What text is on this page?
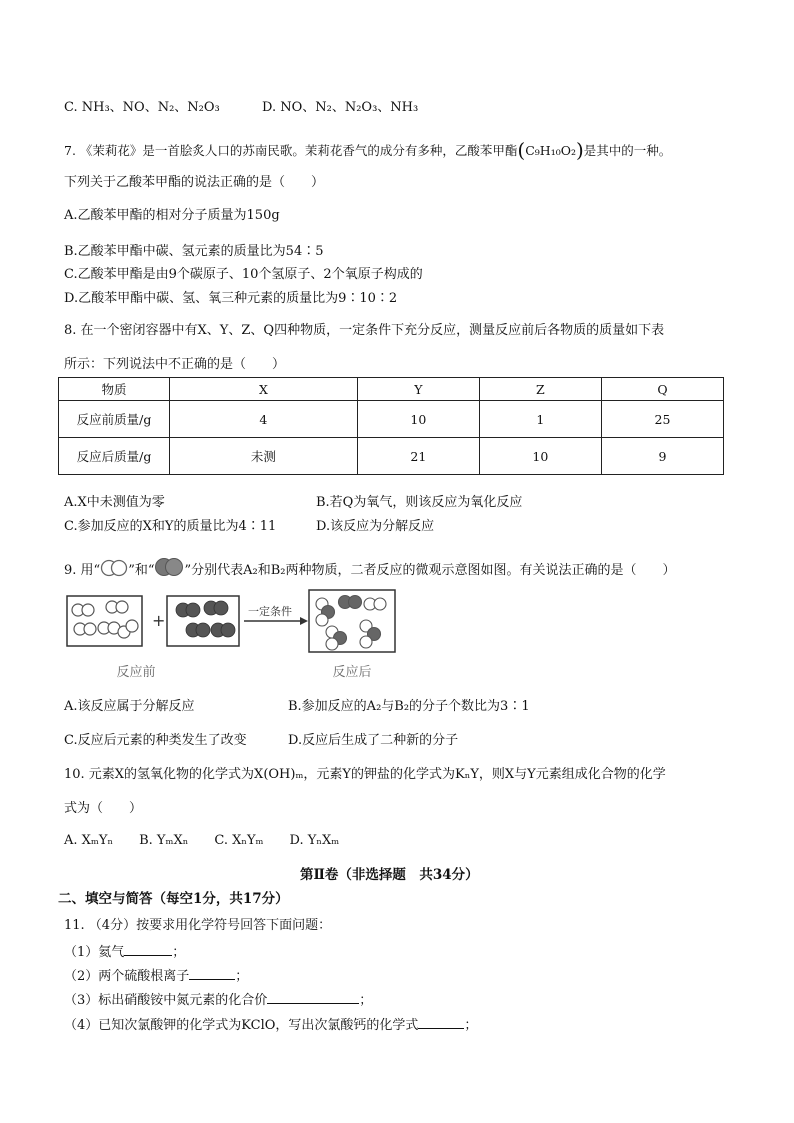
C. NH₃、NO、N₂、N₂O₃	D. NO、N₂、N₂O₃、NH₃
7. 《茉莉花》是一首脍炙人口的苏南民歌。茉莉花香气的成分有多种，乙酸苯甲酯(C₉H₁₀O₂)是其中的一种。
下列关于乙酸苯甲酯的说法正确的是（　　）
A.乙酸苯甲酯的相对分子质量为150g
B.乙酸苯甲酯中碳、氢元素的质量比为54∶5
C.乙酸苯甲酯是由9个碳原子、10个氢原子、2个氧原子构成的
D.乙酸苯甲酯中碳、氢、氧三种元素的质量比为9∶10∶2
8. 在一个密闭容器中有X、Y、Z、Q四种物质，一定条件下充分反应，测量反应前后各物质的质量如下表
所示：下列说法中不正确的是（　　）
物质	X	Y	Z	Q
反应前质量/g	4	10	1	25
反应后质量/g	未测	21	10	9
A.X中未测值为零	B.若Q为氧气，则该反应为氧化反应
C.参加反应的X和Y的质量比为4∶11	D.该反应为分解反应
9. 用“ ”和“ ”分别代表A₂和B₂两种物质，二者反应的微观示意图如图。有关说法正确的是（　　）
+	一定条件
反应前	反应后
A.该反应属于分解反应	B.参加反应的A₂与B₂的分子个数比为3∶1
C.反应后元素的种类发生了改变	D.反应后生成了二种新的分子
10. 元素X的氢氧化物的化学式为X(OH)ₘ，元素Y的钾盐的化学式为KₙY，则X与Y元素组成化合物的化学
式为（　　）
A. XₘYₙ　　B. YₘXₙ　　C. XₙYₘ　　D. YₙXₘ
第Ⅱ卷（非选择题　共34分）
二、填空与简答（每空1分，共17分）
11. （4分）按要求用化学符号回答下面问题：
（1）氦气	；
（2）两个硫酸根离子	；
（3）标出硝酸铵中氮元素的化合价	；
（4）已知次氯酸钾的化学式为KClO，写出次氯酸钙的化学式	；
